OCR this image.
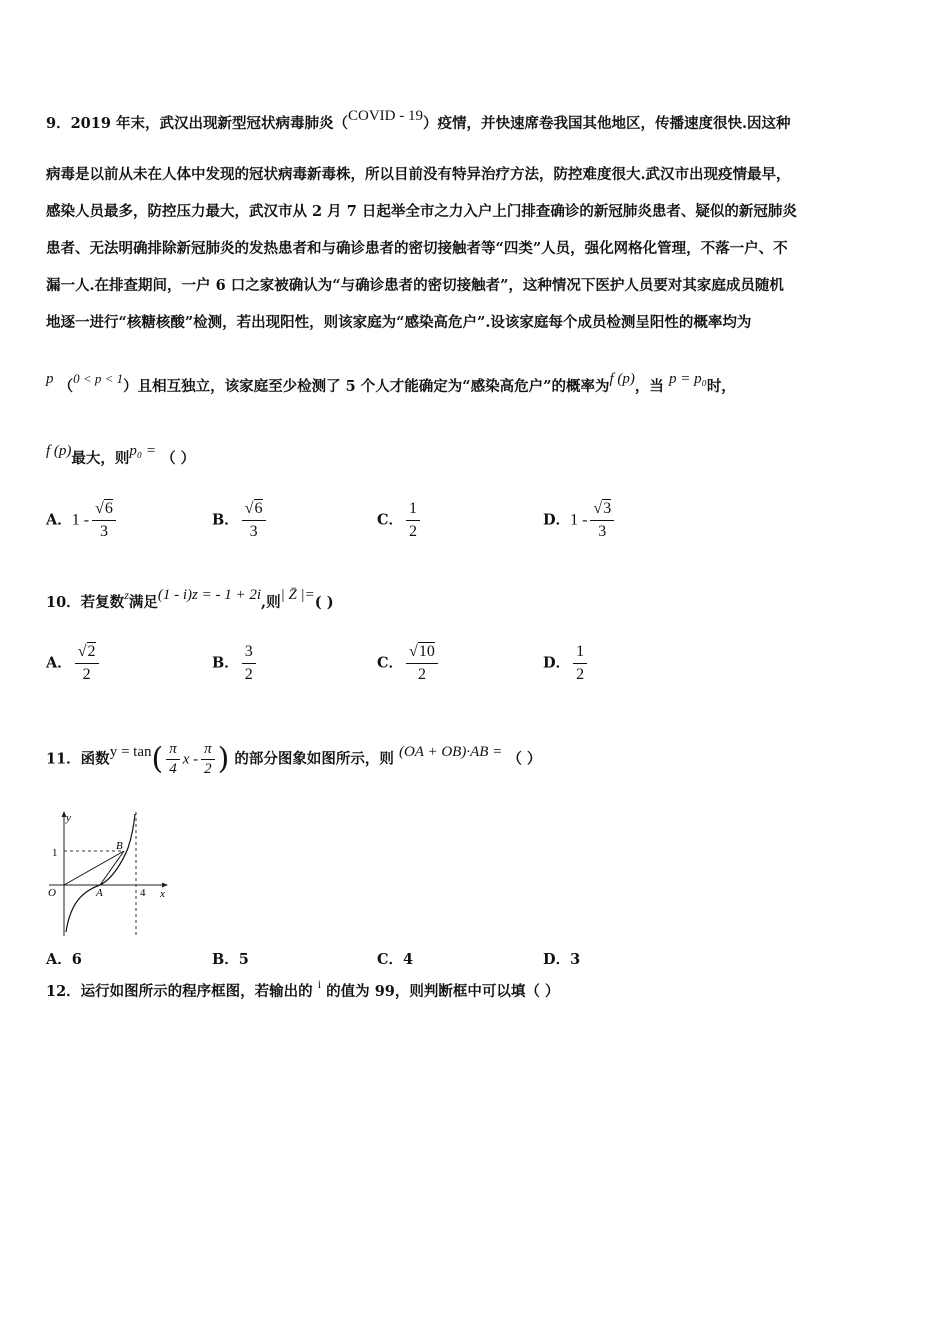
9．2019 年末，武汉出现新型冠状病毒肺炎（COVID - 19）疫情，并快速席卷我国其他地区，传播速度很快.因这种
病毒是以前从未在人体中发现的冠状病毒新毒株，所以目前没有特异治疗方法，防控难度很大.武汉市出现疫情最早，
感染人员最多，防控压力最大，武汉市从 2 月 7 日起举全市之力入户上门排查确诊的新冠肺炎患者、疑似的新冠肺炎
患者、无法明确排除新冠肺炎的发热患者和与确诊患者的密切接触者等“四类”人员，强化网格化管理，不落一户、不
漏一人.在排查期间，一户 6 口之家被确认为“与确诊患者的密切接触者”，这种情况下医护人员要对其家庭成员随机
地逐一进行“核糖核酸”检测，若出现阳性，则该家庭为“感染高危户”.设该家庭每个成员检测呈阳性的概率均为
p （0 < p < 1）且相互独立，该家庭至少检测了 5 个人才能确定为“感染高危户”的概率为f (p)，当 p = p₀时，
f (p)最大，则p₀ = （ ）
A．$1 - \frac{√6}{3}$	B． $\frac{√6}{3}$	C． $\frac{1}{2}$	D．$1 - \frac{√3}{3}$
10．若复数$^z$满足(1 - i)z = - 1 + 2i,则| Z̄ |=( )
A． $\frac{√2}{2}$	B． $\frac{3}{2}$	C． $\frac{√10}{2}$	D． $\frac{1}{2}$
11．函数$y = \tan( \frac{\pi}{4}$ x - $\frac{\pi}{2}$ ) 的部分图象如图所示，则 (OA + OB)·AB = （ ）
y
x
O	A
B
1
4
A．6	B．5	C．4	D．3
12．运行如图所示的程序框图，若输出的 $^i$ 的值为 99，则判断框中可以填（ ）
